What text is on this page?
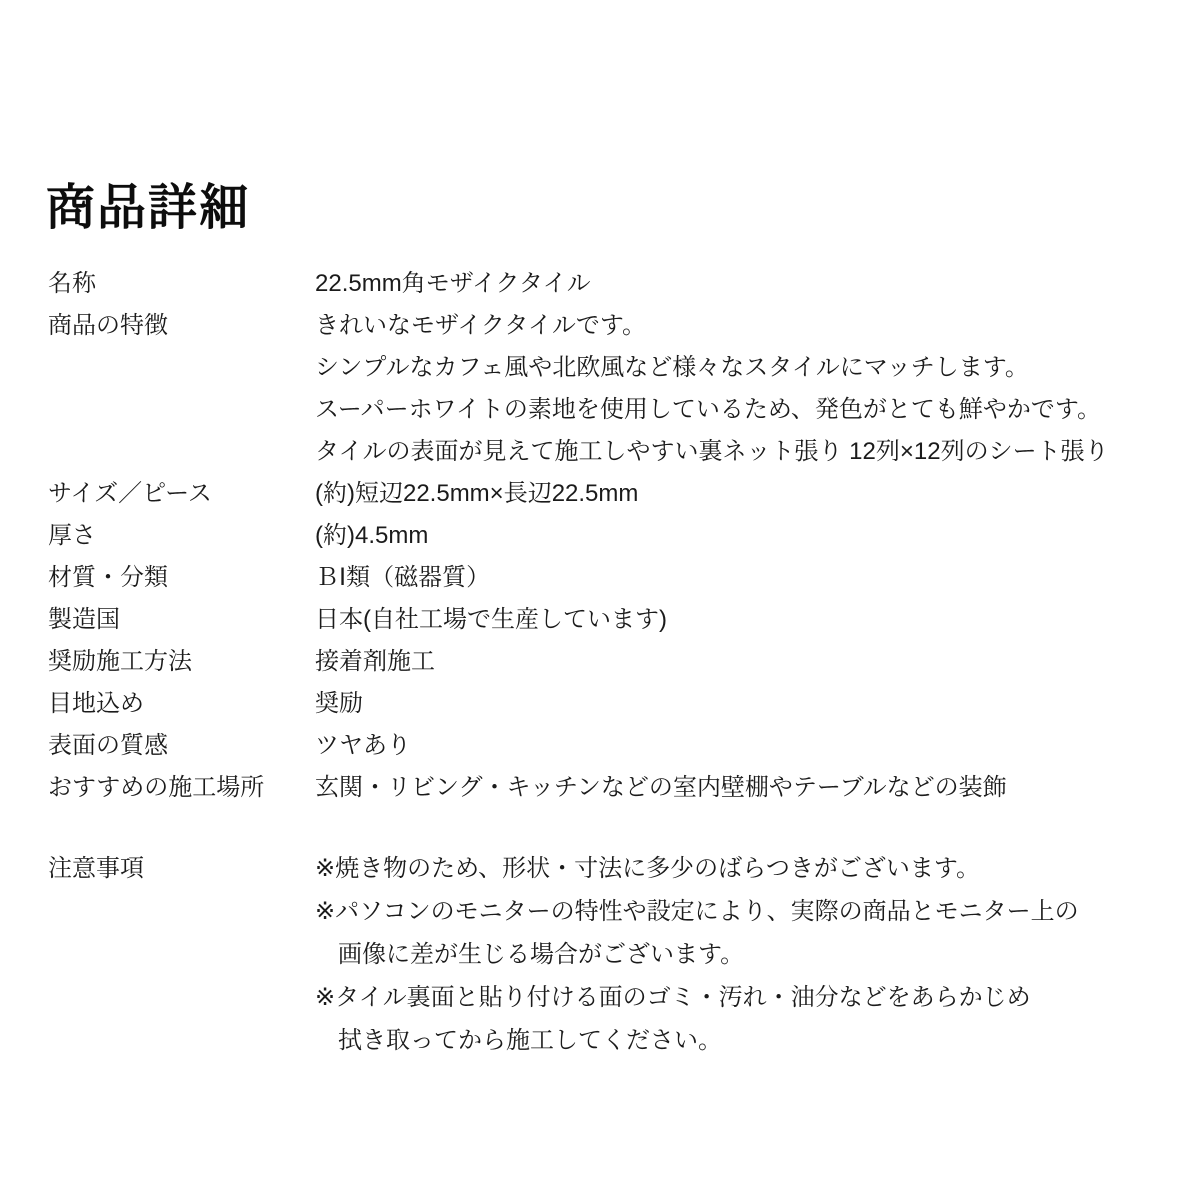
商品詳細
名称	22.5mm角モザイクタイル
商品の特徴	きれいなモザイクタイルです。
シンプルなカフェ風や北欧風など様々なスタイルにマッチします。
スーパーホワイトの素地を使用しているため、発色がとても鮮やかです。
タイルの表面が見えて施工しやすい裏ネット張り 12列×12列のシート張り
サイズ／ピース	(約)短辺22.5mm×長辺22.5mm
厚さ	(約)4.5mm
材質・分類	ＢⅠ類（磁器質）
製造国	日本(自社工場で生産しています)
奨励施工方法	接着剤施工
目地込め	奨励
表面の質感	ツヤあり
おすすめの施工場所	玄関・リビング・キッチンなどの室内壁棚やテーブルなどの装飾
注意事項	※焼き物のため、形状・寸法に多少のばらつきがございます。
※パソコンのモニターの特性や設定により、実際の商品とモニター上の
画像に差が生じる場合がございます。
※タイル裏面と貼り付ける面のゴミ・汚れ・油分などをあらかじめ
拭き取ってから施工してください。
